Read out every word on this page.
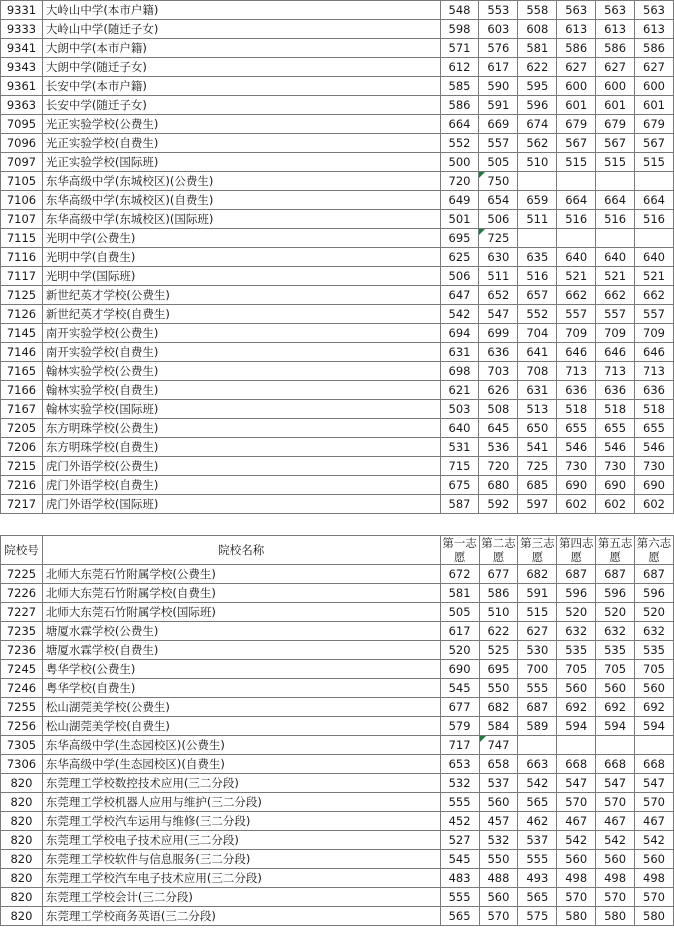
9331	大岭山中学(本市户籍)	548	553	558	563	563	563
9333	大岭山中学(随迁子女)	598	603	608	613	613	613
9341	大朗中学(本市户籍)	571	576	581	586	586	586
9343	大朗中学(随迁子女)	612	617	622	627	627	627
9361	长安中学(本市户籍)	585	590	595	600	600	600
9363	长安中学(随迁子女)	586	591	596	601	601	601
7095	光正实验学校(公费生)	664	669	674	679	679	679
7096	光正实验学校(自费生)	552	557	562	567	567	567
7097	光正实验学校(国际班)	500	505	510	515	515	515
7105	东华高级中学(东城校区)(公费生)	720	750

7106	东华高级中学(东城校区)(自费生)	649	654	659	664	664	664
7107	东华高级中学(东城校区)(国际班)	501	506	511	516	516	516
7115	光明中学(公费生)	695	725

7116	光明中学(自费生)	625	630	635	640	640	640
7117	光明中学(国际班)	506	511	516	521	521	521
7125	新世纪英才学校(公费生)	647	652	657	662	662	662
7126	新世纪英才学校(自费生)	542	547	552	557	557	557
7145	南开实验学校(公费生)	694	699	704	709	709	709
7146	南开实验学校(自费生)	631	636	641	646	646	646
7165	翰林实验学校(公费生)	698	703	708	713	713	713
7166	翰林实验学校(自费生)	621	626	631	636	636	636
7167	翰林实验学校(国际班)	503	508	513	518	518	518
7205	东方明珠学校(公费生)	640	645	650	655	655	655
7206	东方明珠学校(自费生)	531	536	541	546	546	546
7215	虎门外语学校(公费生)	715	720	725	730	730	730
7216	虎门外语学校(自费生)	675	680	685	690	690	690
7217	虎门外语学校(国际班)	587	592	597	602	602	602
院校号	院校名称	第一志愿	第二志愿	第三志愿	第四志愿	第五志愿	第六志愿
7225	北师大东莞石竹附属学校(公费生)	672	677	682	687	687	687
7226	北师大东莞石竹附属学校(自费生)	581	586	591	596	596	596
7227	北师大东莞石竹附属学校(国际班)	505	510	515	520	520	520
7235	塘厦水霖学校(公费生)	617	622	627	632	632	632
7236	塘厦水霖学校(自费生)	520	525	530	535	535	535
7245	粤华学校(公费生)	690	695	700	705	705	705
7246	粤华学校(自费生)	545	550	555	560	560	560
7255	松山湖莞美学校(公费生)	677	682	687	692	692	692
7256	松山湖莞美学校(自费生)	579	584	589	594	594	594
7305	东华高级中学(生态园校区)(公费生)	717	747

7306	东华高级中学(生态园校区)(自费生)	653	658	663	668	668	668
820	东莞理工学校数控技术应用(三二分段)	532	537	542	547	547	547
820	东莞理工学校机器人应用与维护(三二分段)	555	560	565	570	570	570
820	东莞理工学校汽车运用与维修(三二分段)	452	457	462	467	467	467
820	东莞理工学校电子技术应用(三二分段)	527	532	537	542	542	542
820	东莞理工学校软件与信息服务(三二分段)	545	550	555	560	560	560
820	东莞理工学校汽车电子技术应用(三二分段)	483	488	493	498	498	498
820	东莞理工学校会计(三二分段)	555	560	565	570	570	570
820	东莞理工学校商务英语(三二分段)	565	570	575	580	580	580
